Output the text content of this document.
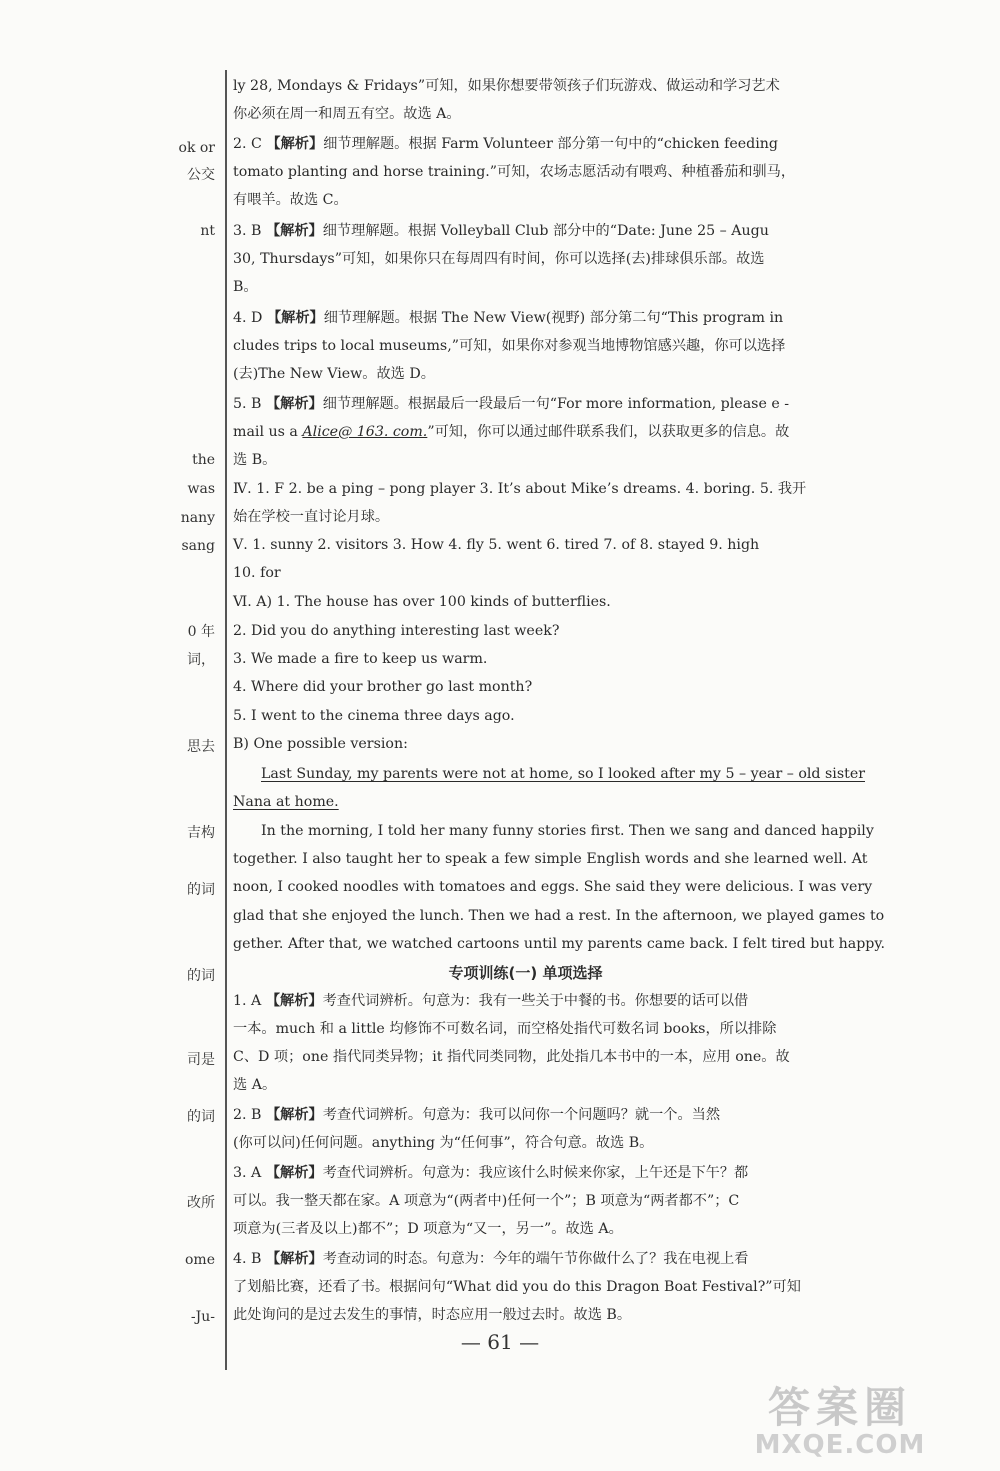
ok or
公交
nt
the
was
nany
sang
0 年
词，
思去
吉构
的词
的词
司是
的词
改所
ome
-Ju-
ly 28, Mondays & Fridays”可知，如果你想要带领孩子们玩游戏、做运动和学习艺术
你必须在周一和周五有空。故选 A。
2. C 【解析】细节理解题。根据 Farm Volunteer 部分第一句中的“chicken feeding
tomato planting and horse training.”可知，农场志愿活动有喂鸡、种植番茄和驯马，
有喂羊。故选 C。
3. B 【解析】细节理解题。根据 Volleyball Club 部分中的“Date: June 25 – Augu
30, Thursdays”可知，如果你只在每周四有时间，你可以选择(去)排球俱乐部。故选
B。
4. D 【解析】细节理解题。根据 The New View(视野) 部分第二句“This program in
cludes trips to local museums,”可知，如果你对参观当地博物馆感兴趣，你可以选择
(去)The New View。故选 D。
5. B 【解析】细节理解题。根据最后一段最后一句“For more information, please e -
mail us a Alice@ 163. com.”可知，你可以通过邮件联系我们，以获取更多的信息。故
选 B。
Ⅳ. 1. F 2. be a ping – pong player 3. It’s about Mike’s dreams. 4. boring. 5. 我开
始在学校一直讨论月球。
Ⅴ. 1. sunny 2. visitors 3. How 4. fly 5. went 6. tired 7. of 8. stayed 9. high
10. for
Ⅵ. A) 1. The house has over 100 kinds of butterflies.
2. Did you do anything interesting last week?
3. We made a fire to keep us warm.
4. Where did your brother go last month?
5. I went to the cinema three days ago.
B) One possible version:
Last Sunday, my parents were not at home, so I looked after my 5 – year – old sister
Nana at home.
In the morning, I told her many funny stories first. Then we sang and danced happily
together. I also taught her to speak a few simple English words and she learned well. At
noon, I cooked noodles with tomatoes and eggs. She said they were delicious. I was very
glad that she enjoyed the lunch. Then we had a rest. In the afternoon, we played games to
gether. After that, we watched cartoons until my parents came back. I felt tired but happy.
专项训练(一) 单项选择
1. A 【解析】考查代词辨析。句意为：我有一些关于中餐的书。你想要的话可以借
一本。much 和 a little 均修饰不可数名词，而空格处指代可数名词 books，所以排除
C、D 项；one 指代同类异物；it 指代同类同物，此处指几本书中的一本，应用 one。故
选 A。
2. B 【解析】考查代词辨析。句意为：我可以问你一个问题吗？就一个。当然
(你可以问)任何问题。anything 为“任何事”，符合句意。故选 B。
3. A 【解析】考查代词辨析。句意为：我应该什么时候来你家，上午还是下午？都
可以。我一整天都在家。A 项意为“(两者中)任何一个”；B 项意为“两者都不”；C
项意为(三者及以上)都不”；D 项意为“又一，另一”。故选 A。
4. B 【解析】考查动词的时态。句意为：今年的端午节你做什么了？我在电视上看
了划船比赛，还看了书。根据问句“What did you do this Dragon Boat Festival?”可知
此处询问的是过去发生的事情，时态应用一般过去时。故选 B。
— 61 —
答案圈
MXQE.COM
